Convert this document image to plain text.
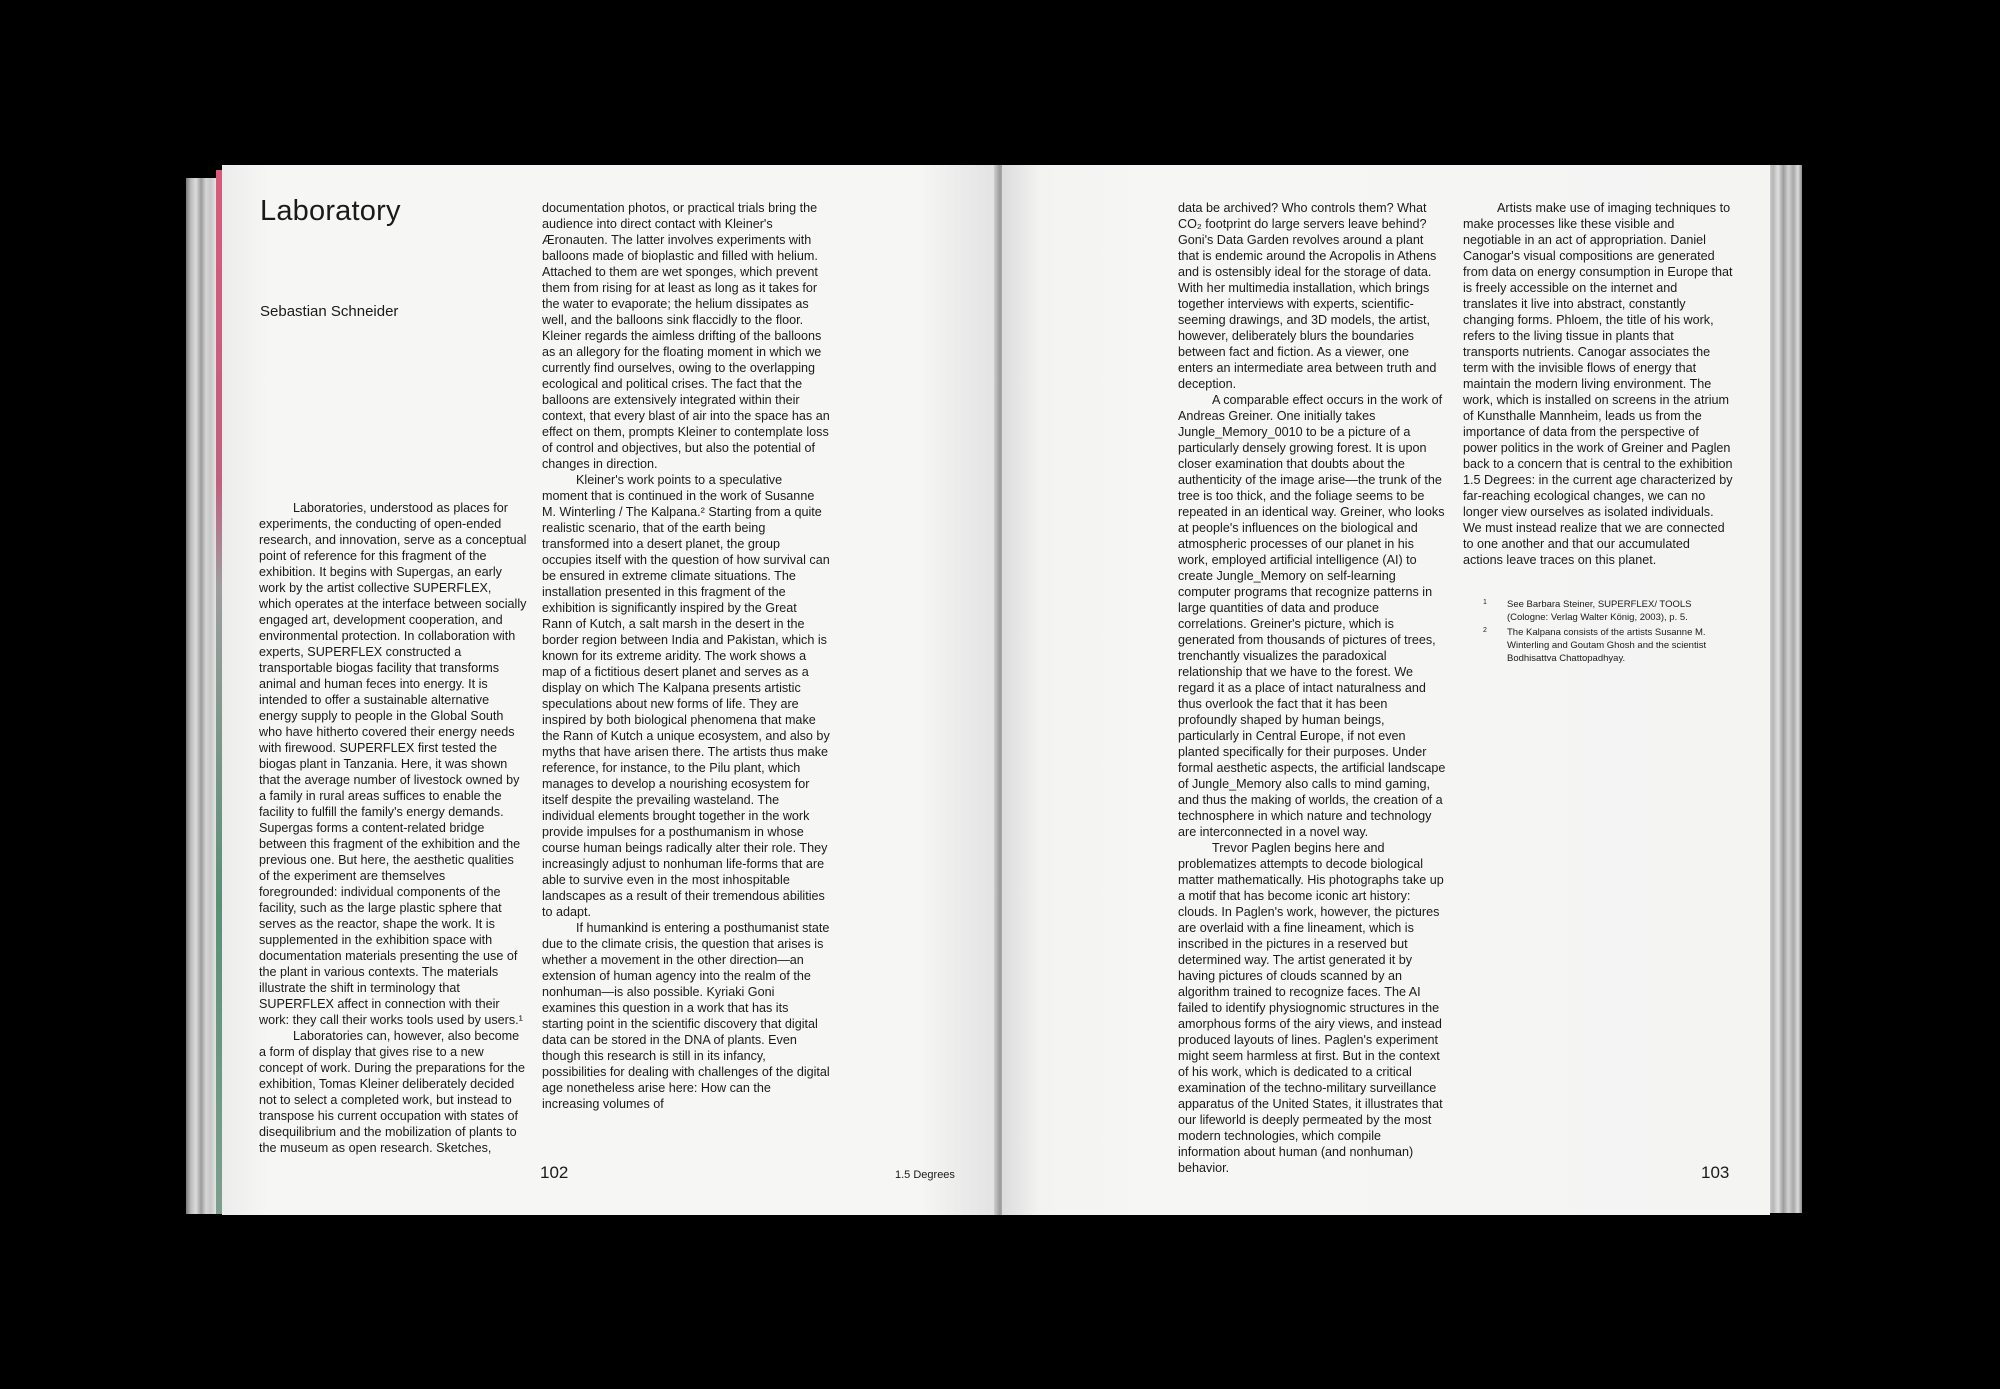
Laboratory
Sebastian Schneider

Laboratories, understood as places for experiments, the conducting of open-ended research, and innovation, serve as a conceptual point of reference for this fragment of the exhibition. It begins with Supergas, an early work by the artist collective SUPERFLEX, which operates at the interface between socially engaged art, development cooperation, and environmental protection. In collaboration with experts, SUPERFLEX constructed a transportable biogas facility that transforms animal and human feces into energy. It is intended to offer a sustainable alternative energy supply to people in the Global South who have hitherto covered their energy needs with firewood. SUPERFLEX first tested the biogas plant in Tanzania. Here, it was shown that the average number of livestock owned by a family in rural areas suffices to enable the facility to fulfill the family's energy demands. Supergas forms a content-related bridge between this fragment of the exhibition and the previous one. But here, the aesthetic qualities of the experiment are themselves foregrounded: individual components of the facility, such as the large plastic sphere that serves as the reactor, shape the work. It is supplemented in the exhibition space with documentation materials presenting the use of the plant in various contexts. The materials illustrate the shift in terminology that SUPERFLEX affect in connection with their work: they call their works tools used by users.¹

Laboratories can, however, also become a form of display that gives rise to a new concept of work. During the preparations for the exhibition, Tomas Kleiner deliberately decided not to select a completed work, but instead to transpose his current occupation with states of disequilibrium and the mobilization of plants to the museum as open research. Sketches,

documentation photos, or practical trials bring the audience into direct contact with Kleiner's Æronauten. The latter involves experiments with balloons made of bioplastic and filled with helium. Attached to them are wet sponges, which prevent them from rising for at least as long as it takes for the water to evaporate; the helium dissipates as well, and the balloons sink flaccidly to the floor. Kleiner regards the aimless drifting of the balloons as an allegory for the floating moment in which we currently find ourselves, owing to the overlapping ecological and political crises. The fact that the balloons are extensively integrated within their context, that every blast of air into the space has an effect on them, prompts Kleiner to contemplate loss of control and objectives, but also the potential of changes in direction.

Kleiner's work points to a speculative moment that is continued in the work of Susanne M. Winterling / The Kalpana.² Starting from a quite realistic scenario, that of the earth being transformed into a desert planet, the group occupies itself with the question of how survival can be ensured in extreme climate situations. The installation presented in this fragment of the exhibition is significantly inspired by the Great Rann of Kutch, a salt marsh in the desert in the border region between India and Pakistan, which is known for its extreme aridity. The work shows a map of a fictitious desert planet and serves as a display on which The Kalpana presents artistic speculations about new forms of life. They are inspired by both biological phenomena that make the Rann of Kutch a unique ecosystem, and also by myths that have arisen there. The artists thus make reference, for instance, to the Pilu plant, which manages to develop a nourishing ecosystem for itself despite the prevailing wasteland. The individual elements brought together in the work provide impulses for a posthumanism in whose course human beings radically alter their role. They increasingly adjust to nonhuman life-forms that are able to survive even in the most inhospitable landscapes as a result of their tremendous abilities to adapt.

If humankind is entering a posthumanist state due to the climate crisis, the question that arises is whether a movement in the other direction—an extension of human agency into the realm of the nonhuman—is also possible. Kyriaki Goni examines this question in a work that has its starting point in the scientific discovery that digital data can be stored in the DNA of plants. Even though this research is still in its infancy, possibilities for dealing with challenges of the digital age nonetheless arise here: How can the increasing volumes of

102	1.5 Degrees

data be archived? Who controls them? What CO₂ footprint do large servers leave behind? Goni's Data Garden revolves around a plant that is endemic around the Acropolis in Athens and is ostensibly ideal for the storage of data. With her multimedia installation, which brings together interviews with experts, scientific-seeming drawings, and 3D models, the artist, however, deliberately blurs the boundaries between fact and fiction. As a viewer, one enters an intermediate area between truth and deception.

A comparable effect occurs in the work of Andreas Greiner. One initially takes Jungle_Memory_0010 to be a picture of a particularly densely growing forest. It is upon closer examination that doubts about the authenticity of the image arise—the trunk of the tree is too thick, and the foliage seems to be repeated in an identical way. Greiner, who looks at people's influences on the biological and atmospheric processes of our planet in his work, employed artificial intelligence (AI) to create Jungle_Memory on self-learning computer programs that recognize patterns in large quantities of data and produce correlations. Greiner's picture, which is generated from thousands of pictures of trees, trenchantly visualizes the paradoxical relationship that we have to the forest. We regard it as a place of intact naturalness and thus overlook the fact that it has been profoundly shaped by human beings, particularly in Central Europe, if not even planted specifically for their purposes. Under formal aesthetic aspects, the artificial landscape of Jungle_Memory also calls to mind gaming, and thus the making of worlds, the creation of a technosphere in which nature and technology are interconnected in a novel way.

Trevor Paglen begins here and problematizes attempts to decode biological matter mathematically. His photographs take up a motif that has become iconic art history: clouds. In Paglen's work, however, the pictures are overlaid with a fine lineament, which is inscribed in the pictures in a reserved but determined way. The artist generated it by having pictures of clouds scanned by an algorithm trained to recognize faces. The AI failed to identify physiognomic structures in the amorphous forms of the airy views, and instead produced layouts of lines. Paglen's experiment might seem harmless at first. But in the context of his work, which is dedicated to a critical examination of the techno-military surveillance apparatus of the United States, it illustrates that our lifeworld is deeply permeated by the most modern technologies, which compile information about human (and nonhuman) behavior.

Artists make use of imaging techniques to make processes like these visible and negotiable in an act of appropriation. Daniel Canogar's visual compositions are generated from data on energy consumption in Europe that is freely accessible on the internet and translates it live into abstract, constantly changing forms. Phloem, the title of his work, refers to the living tissue in plants that transports nutrients. Canogar associates the term with the invisible flows of energy that maintain the modern living environment. The work, which is installed on screens in the atrium of Kunsthalle Mannheim, leads us from the importance of data from the perspective of power politics in the work of Greiner and Paglen back to a concern that is central to the exhibition 1.5 Degrees: in the current age characterized by far-reaching ecological changes, we can no longer view ourselves as isolated individuals. We must instead realize that we are connected to one another and that our accumulated actions leave traces on this planet.

1 See Barbara Steiner, SUPERFLEX/ TOOLS (Cologne: Verlag Walter König, 2003), p. 5.
2 The Kalpana consists of the artists Susanne M. Winterling and Goutam Ghosh and the scientist Bodhisattva Chattopadhyay.
103
